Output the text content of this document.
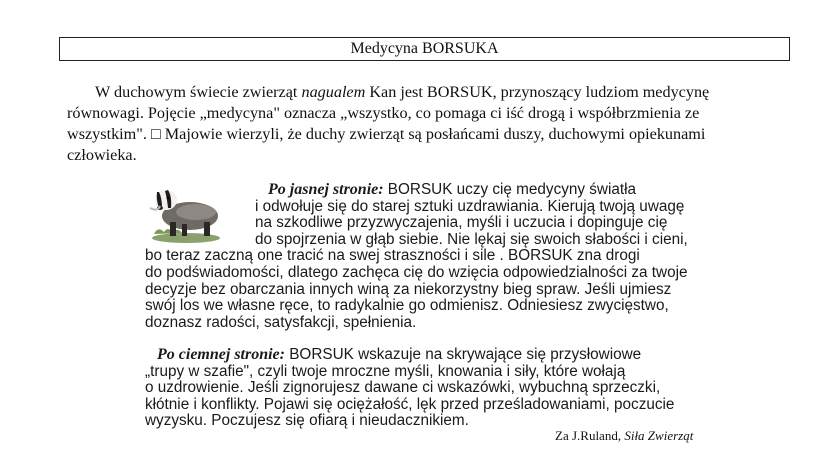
Medycyna BORSUKA
W duchowym świecie zwierząt nagualem Kan jest BORSUK, przynoszący ludziom medycynę
równowagi. Pojęcie „medycyna" oznacza „wszystko, co pomaga ci iść drogą i współbrzmienia ze
wszystkim". □ Majowie wierzyli, że duchy zwierząt są posłańcami duszy, duchowymi opiekunami
człowieka.
Po jasnej stronie: BORSUK uczy cię medycyny światła
i odwołuje się do starej sztuki uzdrawiania. Kierują twoją uwagę
na szkodliwe przyzwyczajenia, myśli i uczucia i dopinguje cię
do spojrzenia w głąb siebie. Nie lękaj się swoich słabości i cieni,
bo teraz zaczną one tracić na swej straszności i sile . BORSUK zna drogi
do podświadomości, dlatego zachęca cię do wzięcia odpowiedzialności za twoje
decyzje bez obarczania innych winą za niekorzystny bieg spraw. Jeśli ujmiesz
swój los we własne ręce, to radykalnie go odmienisz. Odniesiesz zwycięstwo,
doznasz radości, satysfakcji, spełnienia.
Po ciemnej stronie: BORSUK wskazuje na skrywające się przysłowiowe
„trupy w szafie", czyli twoje mroczne myśli, knowania i siły, które wołają
o uzdrowienie. Jeśli zignorujesz dawane ci wskazówki, wybuchną sprzeczki,
kłótnie i konflikty. Pojawi się ociężałość, lęk przed prześladowaniami, poczucie
wyzysku. Poczujesz się ofiarą i nieudacznikiem.
Za J.Ruland, Siła Zwierząt
